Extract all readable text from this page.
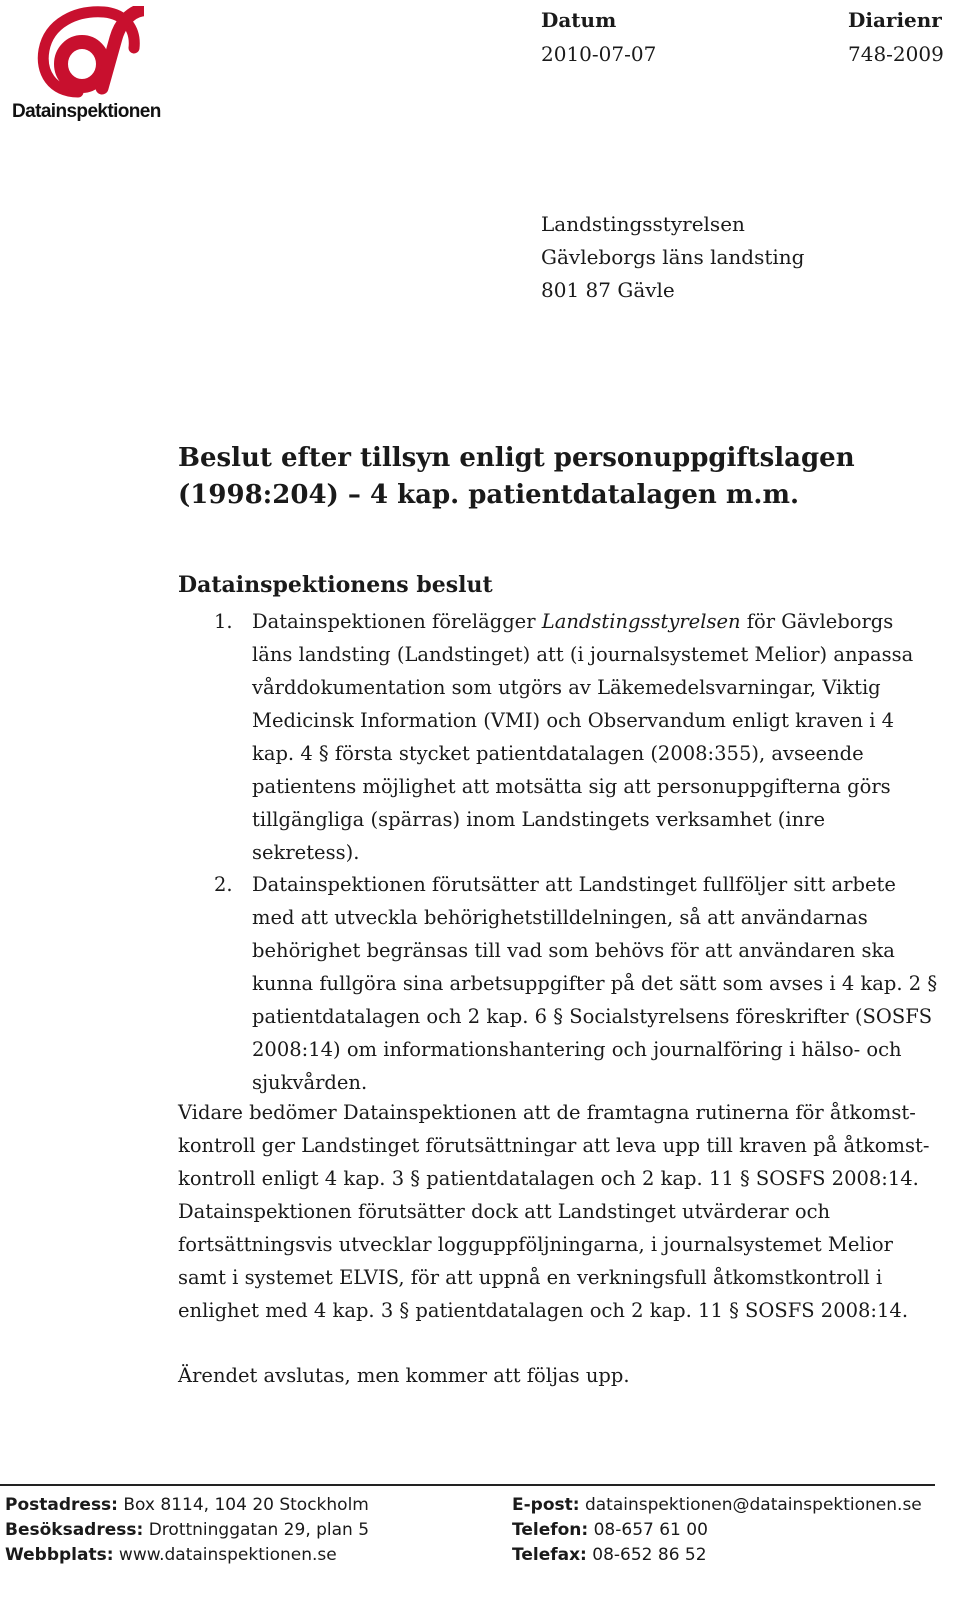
Datainspektionen
Datum
2010-07-07
Diarienr
748-2009
Landstingsstyrelsen
Gävleborgs läns landsting
801 87 Gävle
Beslut efter tillsyn enligt personuppgiftslagen (1998:204) – 4 kap. patientdatalagen m.m.
Datainspektionens beslut
1. Datainspektionen förelägger Landstingsstyrelsen för Gävleborgs läns landsting (Landstinget) att (i journalsystemet Melior) anpassa vårddokumentation som utgörs av Läkemedelsvarningar, Viktig Medicinsk Information (VMI) och Observandum enligt kraven i 4 kap. 4 § första stycket patientdatalagen (2008:355), avseende patientens möjlighet att motsätta sig att personuppgifterna görs tillgängliga (spärras) inom Landstingets verksamhet (inre sekretess).
2. Datainspektionen förutsätter att Landstinget fullföljer sitt arbete med att utveckla behörighetstilldelningen, så att användarnas behörighet begränsas till vad som behövs för att användaren ska kunna fullgöra sina arbetsuppgifter på det sätt som avses i 4 kap. 2 § patientdatalagen och 2 kap. 6 § Socialstyrelsens föreskrifter (SOSFS 2008:14) om informationshantering och journalföring i hälso- och sjukvården.

Vidare bedömer Datainspektionen att de framtagna rutinerna för åtkomstkontroll ger Landstinget förutsättningar att leva upp till kraven på åtkomstkontroll enligt 4 kap. 3 § patientdatalagen och 2 kap. 11 § SOSFS 2008:14. Datainspektionen förutsätter dock att Landstinget utvärderar och fortsättningsvis utvecklar logguppföljningarna, i journalsystemet Melior samt i systemet ELVIS, för att uppnå en verkningsfull åtkomstkontroll i enlighet med 4 kap. 3 § patientdatalagen och 2 kap. 11 § SOSFS 2008:14.

Ärendet avslutas, men kommer att följas upp.

Postadress: Box 8114, 104 20 Stockholm
Besöksadress: Drottninggatan 29, plan 5
Webbplats: www.datainspektionen.se
E-post: datainspektionen@datainspektionen.se
Telefon: 08-657 61 00
Telefax: 08-652 86 52
